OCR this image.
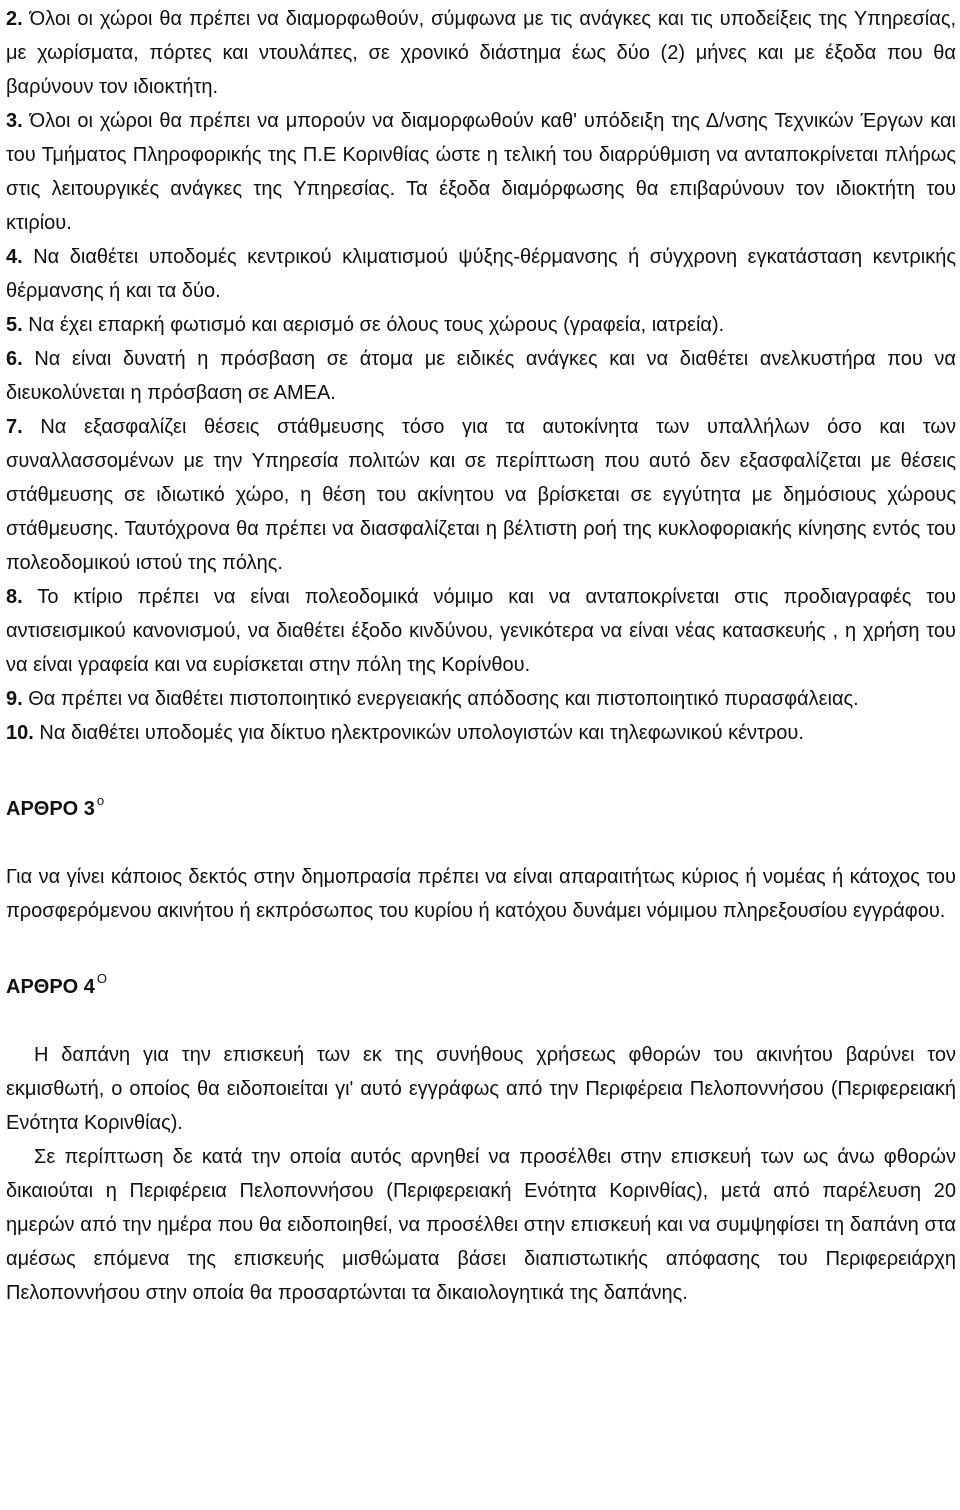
2. Όλοι οι χώροι θα πρέπει να διαμορφωθούν, σύμφωνα με τις ανάγκες και τις υποδείξεις της Υπηρεσίας, με χωρίσματα, πόρτες και ντουλάπες, σε χρονικό διάστημα έως δύο (2) μήνες και με έξοδα που θα βαρύνουν τον ιδιοκτήτη.

3. Όλοι οι χώροι θα πρέπει να μπορούν να διαμορφωθούν καθ' υπόδειξη της Δ/νσης Τεχνικών Έργων και του Τμήματος Πληροφορικής της Π.Ε Κορινθίας ώστε η τελική του διαρρύθμιση να ανταποκρίνεται πλήρως στις λειτουργικές ανάγκες της Υπηρεσίας. Τα έξοδα διαμόρφωσης θα επιβαρύνουν τον ιδιοκτήτη του κτιρίου.

4. Να διαθέτει υποδομές κεντρικού κλιματισμού ψύξης-θέρμανσης ή σύγχρονη εγκατάσταση κεντρικής θέρμανσης ή και τα δύο.

5. Να έχει επαρκή φωτισμό και αερισμό σε όλους τους χώρους (γραφεία, ιατρεία).

6. Να είναι δυνατή η πρόσβαση σε άτομα με ειδικές ανάγκες και να διαθέτει ανελκυστήρα που να διευκολύνεται η πρόσβαση σε ΑΜΕΑ.

7. Να εξασφαλίζει θέσεις στάθμευσης τόσο για τα αυτοκίνητα των υπαλλήλων όσο και των συναλλασσομένων με την Υπηρεσία πολιτών και σε περίπτωση που αυτό δεν εξασφαλίζεται με θέσεις στάθμευσης σε ιδιωτικό χώρο, η θέση του ακίνητου να βρίσκεται σε εγγύτητα με δημόσιους χώρους στάθμευσης. Ταυτόχρονα θα πρέπει να διασφαλίζεται η βέλτιστη ροή της κυκλοφοριακής κίνησης εντός του πολεοδομικού ιστού της πόλης.

8. Το κτίριο πρέπει να είναι πολεοδομικά νόμιμο και να ανταποκρίνεται στις προδιαγραφές του αντισεισμικού κανονισμού, να διαθέτει έξοδο κινδύνου, γενικότερα να είναι νέας κατασκευής , η χρήση του να είναι γραφεία και να ευρίσκεται στην πόλη της Κορίνθου.

9. Θα πρέπει να διαθέτει πιστοποιητικό ενεργειακής απόδοσης και πιστοποιητικό πυρασφάλειας.

10. Να διαθέτει υποδομές για δίκτυο ηλεκτρονικών υπολογιστών και τηλεφωνικού κέντρου.

ΑΡΘΡΟ 3 $^o$

Για να γίνει κάποιος δεκτός στην δημοπρασία πρέπει να είναι απαραιτήτως κύριος ή νομέας ή κάτοχος του προσφερόμενου ακινήτου ή εκπρόσωπος του κυρίου ή κατόχου δυνάμει νόμιμου πληρεξουσίου εγγράφου.

ΑΡΘΡΟ 4 $^O$

Η δαπάνη για την επισκευή των εκ της συνήθους χρήσεως φθορών του ακινήτου βαρύνει τον εκμισθωτή, ο οποίος θα ειδοποιείται γι' αυτό εγγράφως από την Περιφέρεια Πελοποννήσου (Περιφερειακή Ενότητα Κορινθίας).

Σε περίπτωση δε κατά την οποία αυτός αρνηθεί να προσέλθει στην επισκευή των ως άνω φθορών δικαιούται η Περιφέρεια Πελοποννήσου (Περιφερειακή Ενότητα Κορινθίας), μετά από παρέλευση 20 ημερών από την ημέρα που θα ειδοποιηθεί, να προσέλθει στην επισκευή και να συμψηφίσει τη δαπάνη στα αμέσως επόμενα της επισκευής μισθώματα βάσει διαπιστωτικής απόφασης του Περιφερειάρχη Πελοποννήσου στην οποία θα προσαρτώνται τα δικαιολογητικά της δαπάνης.
